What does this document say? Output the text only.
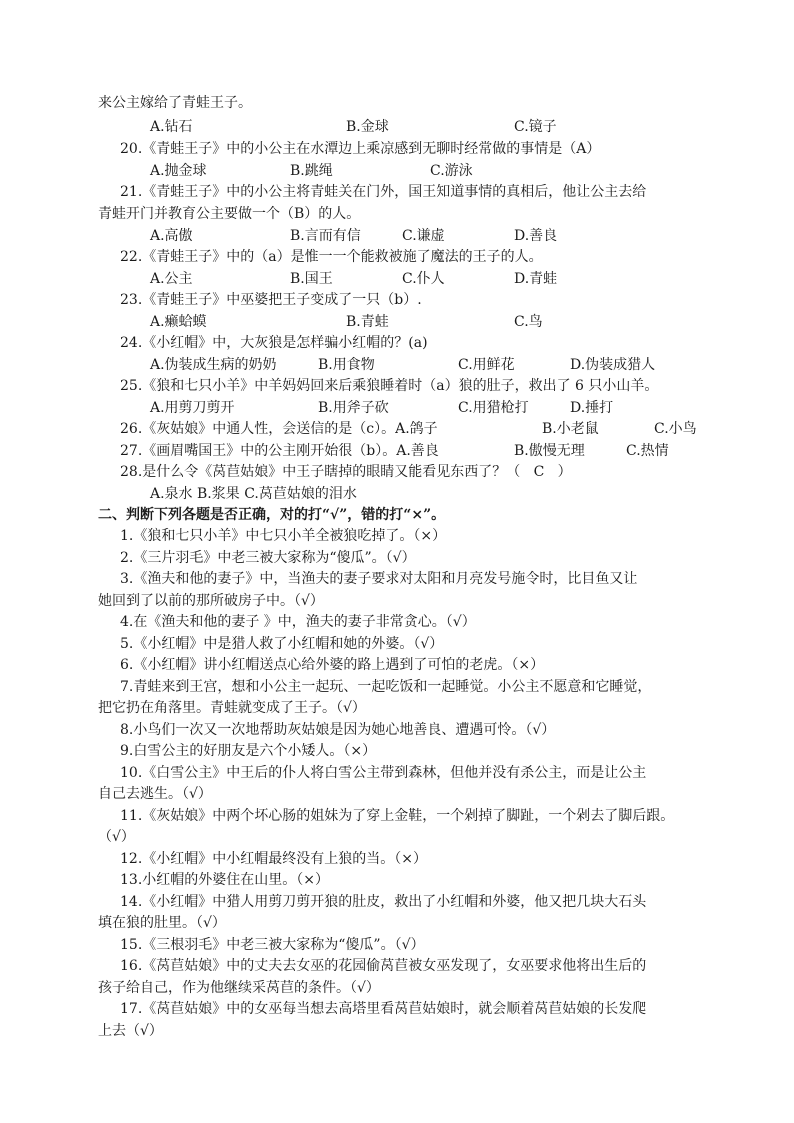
来公主嫁给了青蛙王子。
A.钻石	B.金球	C.镜子
20.《青蛙王子》中的小公主在水潭边上乘凉感到无聊时经常做的事情是（A）
A.抛金球	B.跳绳	C.游泳
21.《青蛙王子》中的小公主将青蛙关在门外，国王知道事情的真相后，他让公主去给
青蛙开门并教育公主要做一个（B）的人。
A.高傲	B.言而有信	C.谦虚	D.善良
22.《青蛙王子》中的（a）是惟一一个能救被施了魔法的王子的人。
A.公主	B.国王	C.仆人	D.青蛙
23.《青蛙王子》中巫婆把王子变成了一只（b）.
A.癞蛤蟆	B.青蛙	C.鸟
24.《小红帽》中，大灰狼是怎样骗小红帽的？(a)
A.伪装成生病的奶奶	B.用食物	C.用鲜花	D.伪装成猎人
25.《狼和七只小羊》中羊妈妈回来后乘狼睡着时（a）狼的肚子，救出了 6 只小山羊。
A.用剪刀剪开	B.用斧子砍	C.用猎枪打	D.捶打
26.《灰姑娘》中通人性，会送信的是（c）。A.鸽子	B.小老鼠	C.小鸟
27.《画眉嘴国王》中的公主刚开始很（b）。A.善良	B.傲慢无理	C.热情
28.是什么令《莴苣姑娘》中王子瞎掉的眼睛又能看见东西了？（   C   ）
A.泉水 B.浆果 C.莴苣姑娘的泪水
二、判断下列各题是否正确，对的打“√”，错的打“×”。
1.《狼和七只小羊》中七只小羊全被狼吃掉了。（×）
2.《三片羽毛》中老三被大家称为“傻瓜”。（√）
3.《渔夫和他的妻子》中，当渔夫的妻子要求对太阳和月亮发号施令时，比目鱼又让
她回到了以前的那所破房子中。（√）
4.在《渔夫和他的妻子 》中，渔夫的妻子非常贪心。（√）
5.《小红帽》中是猎人救了小红帽和她的外婆。（√）
6.《小红帽》讲小红帽送点心给外婆的路上遇到了可怕的老虎。（×）
7.青蛙来到王宫，想和小公主一起玩、一起吃饭和一起睡觉。小公主不愿意和它睡觉，
把它扔在角落里。青蛙就变成了王子。（√）
8.小鸟们一次又一次地帮助灰姑娘是因为她心地善良、遭遇可怜。（√）
9.白雪公主的好朋友是六个小矮人。（×）
10.《白雪公主》中王后的仆人将白雪公主带到森林，但他并没有杀公主，而是让公主
自己去逃生。（√）
11.《灰姑娘》中两个坏心肠的姐妹为了穿上金鞋，一个剁掉了脚趾，一个剁去了脚后跟。
（√）
12.《小红帽》中小红帽最终没有上狼的当。（×）
13.小红帽的外婆住在山里。（×）
14.《小红帽》中猎人用剪刀剪开狼的肚皮，救出了小红帽和外婆，他又把几块大石头
填在狼的肚里。（√）
15.《三根羽毛》中老三被大家称为“傻瓜”。（√）
16.《莴苣姑娘》中的丈夫去女巫的花园偷莴苣被女巫发现了，女巫要求他将出生后的
孩子给自己，作为他继续采莴苣的条件。（√）
17.《莴苣姑娘》中的女巫每当想去高塔里看莴苣姑娘时，就会顺着莴苣姑娘的长发爬
上去（√）
